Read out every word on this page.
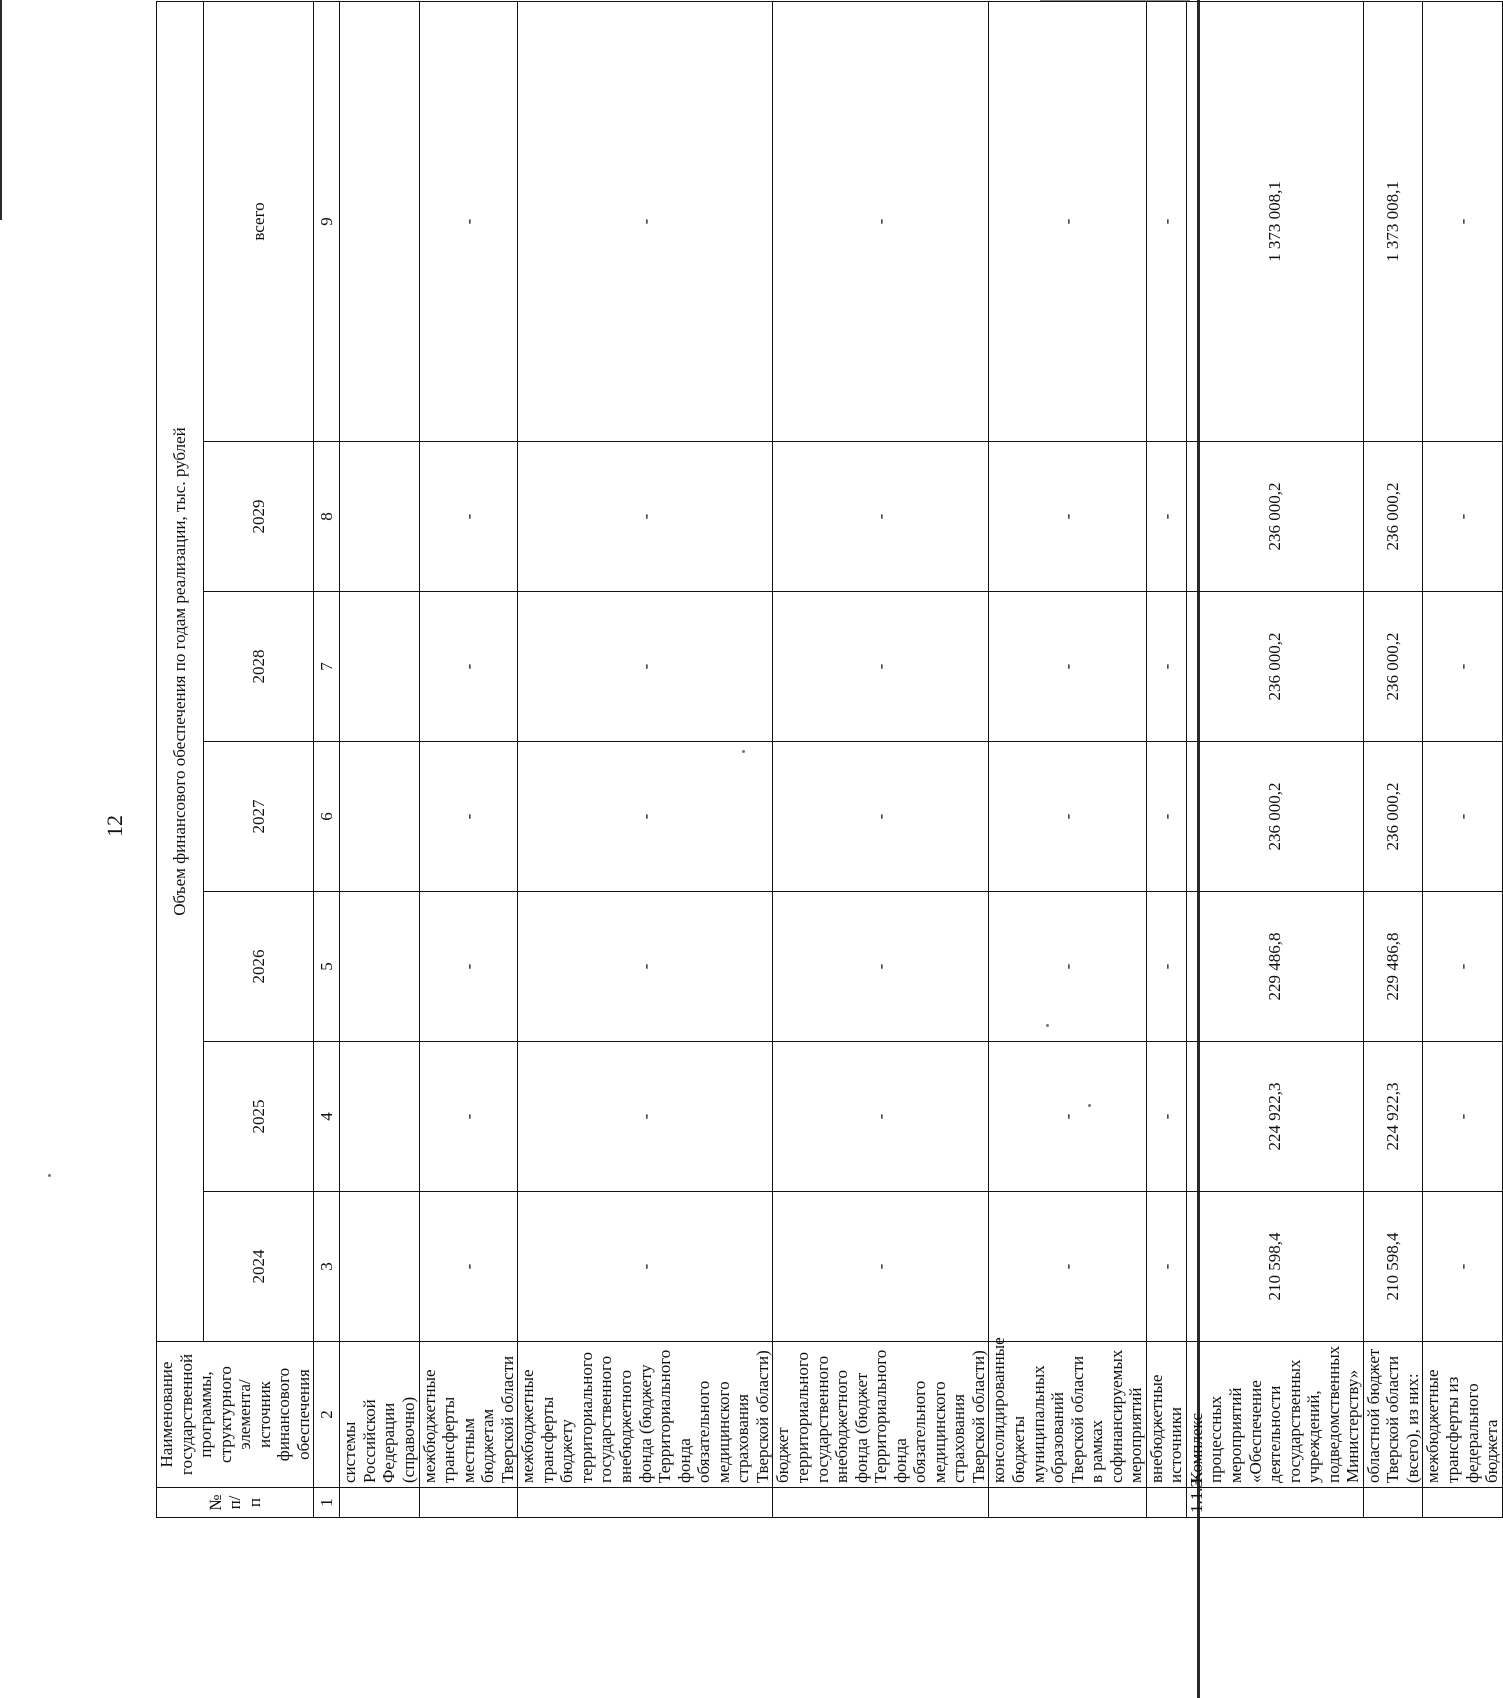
12
№ п/п	Наименование государственной программы, структурного элемента/ источник финансового обеспечения	Объем финансового обеспечения по годам реализации, тыс. рублей						
		2024	2025	2026	2027	2028	2029	всего
1	2	3	4	5	6	7	8	9
	системы Российской Федерации (справочно)							
	межбюджетные трансферты местным бюджетам Тверской области	-	-	-	-	-	-	-
	межбюджетные трансферты бюджету территориального государственного внебюджетного фонда (бюджету Территориального фонда обязательного медицинского страхования Тверской области)	-	-	-	-	-	-	-
	бюджет территориального государственного внебюджетного фонда (бюджет Территориального фонда обязательного медицинского страхования Тверской области)	-	-	-	-	-	-	-
	консолидированные бюджеты муниципальных образований Тверской области в рамках софинансируемых мероприятий	-	-	-	-	-	-	-
	внебюджетные источники	-	-	-	-	-	-	-
1.1.3	Комплекс процессных мероприятий «Обеспечение деятельности государственных учреждений, подведомственных Министерству»	210 598,4	224 922,3	229 486,8	236 000,2	236 000,2	236 000,2	1 373 008,1
	областной бюджет Тверской области (всего), из них:	210 598,4	224 922,3	229 486,8	236 000,2	236 000,2	236 000,2	1 373 008,1
	межбюджетные трансферты из федерального бюджета	-	-	-	-	-	-	-
